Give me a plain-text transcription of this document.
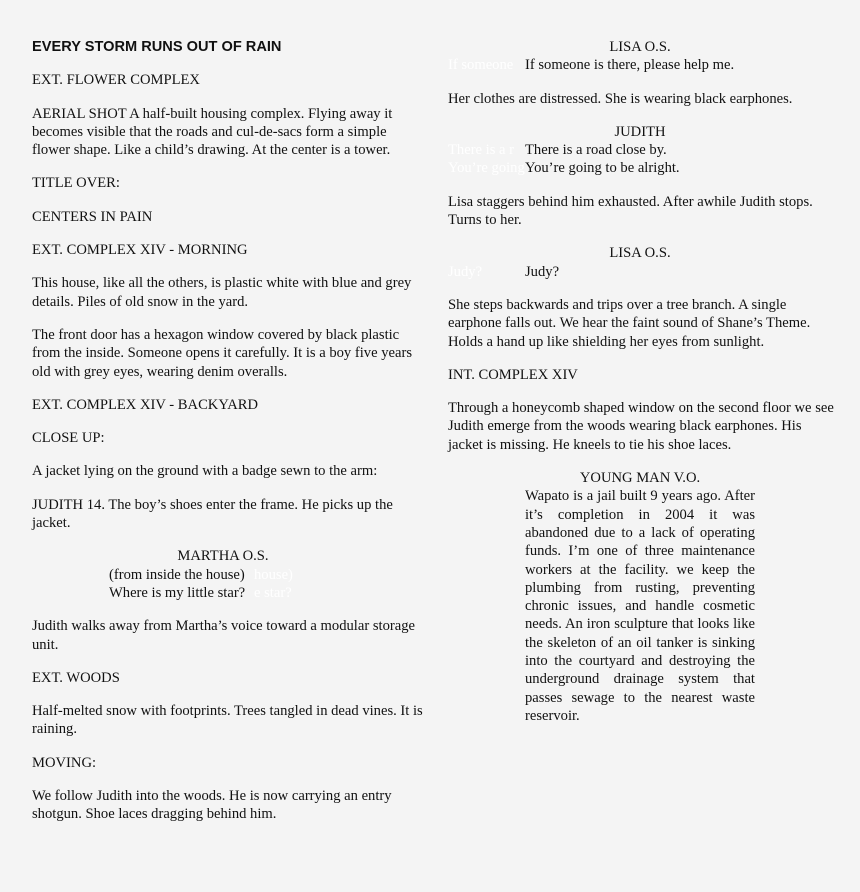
EVERY STORM RUNS OUT OF RAIN

EXT. FLOWER COMPLEX

AERIAL SHOT A half-built housing complex. Flying away it becomes visible that the roads and cul-de-sacs form a simple flower shape. Like a child’s drawing. At the center is a tower.

TITLE OVER:

CENTERS IN PAIN

EXT. COMPLEX XIV - MORNING

This house, like all the others, is plastic white with blue and grey details. Piles of old snow in the yard.

The front door has a hexagon window covered by black plastic from the inside. Someone opens it carefully. It is a boy five years old with grey eyes, wearing denim overalls.

EXT. COMPLEX XIV - BACKYARD

CLOSE UP:

A jacket lying on the ground with a badge sewn to the arm:

JUDITH 14. The boy’s shoes enter the frame. He picks up the jacket.

MARTHA O.S.

(from inside the house) house)
Where is my little star? e star?

Judith walks away from Martha’s voice toward a modular storage unit.

EXT. WOODS

Half-melted snow with footprints. Trees tangled in dead vines. It is raining.

MOVING:

We follow Judith into the woods. He is now carrying an entry shotgun. Shoe laces dragging behind him.

LISA O.S.

If someone If someone is there, please help me.

Her clothes are distressed. She is wearing black earphones.

JUDITH

There is a r There is a road close by.
You’re going You’re going to be alright.

Lisa staggers behind him exhausted. After awhile Judith stops. Turns to her.

LISA O.S.

Judy?	Judy?

She steps backwards and trips over a tree branch. A single earphone falls out. We hear the faint sound of Shane’s Theme. Holds a hand up like shielding her eyes from sunlight.

INT. COMPLEX XIV

Through a honeycomb shaped window on the second floor we see Judith emerge from the woods wearing black earphones. His jacket is missing. He kneels to tie his shoe laces.

YOUNG MAN V.O.

Wapato is a jail built 9 years ago. After it’s completion in 2004 it was abandoned due to a lack of operating funds. I’m one of three maintenance workers at the facility. we keep the plumbing from rusting, preventing chronic issues, and handle cosmetic needs. An iron sculpture that looks like the skeleton of an oil tanker is sinking into the courtyard and destroying the underground drainage system that passes sewage to the nearest waste reservoir.
